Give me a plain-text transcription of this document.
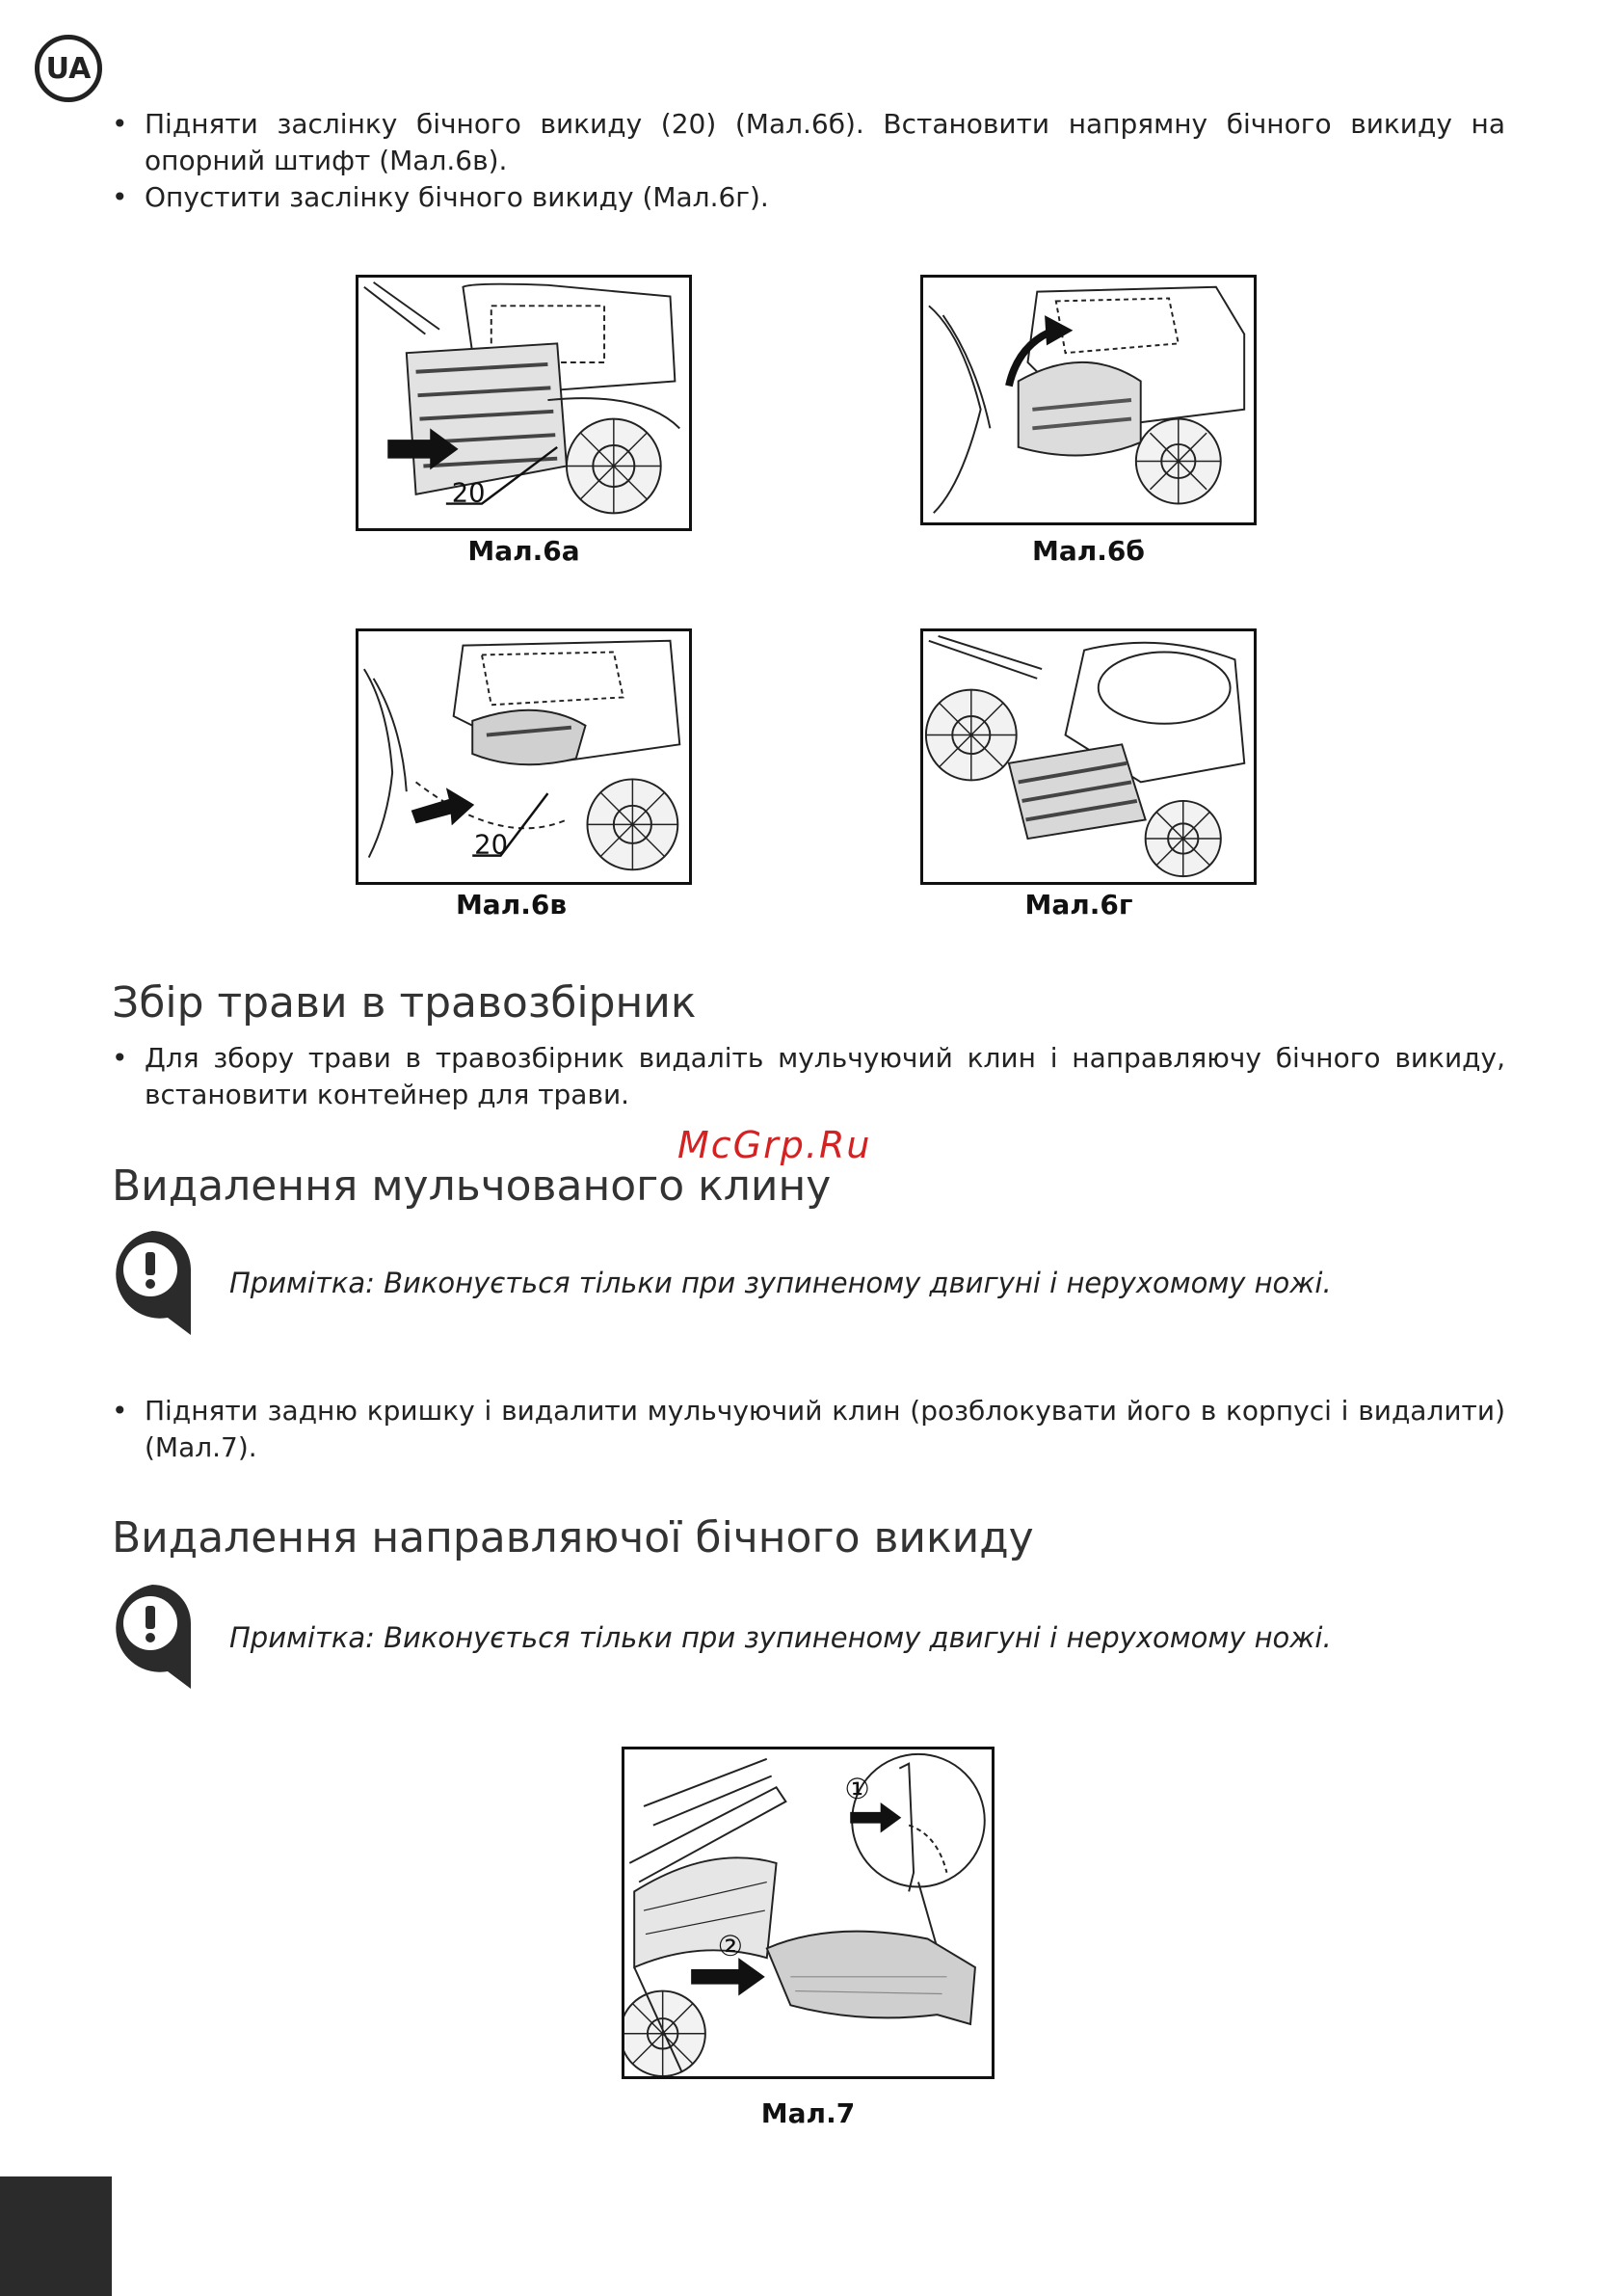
UA
• Підняти заслінку бічного викиду (20) (Мал.6б). Встановити напрямну бічного викиду на опорний штифт (Мал.6в).
• Опустити заслінку бічного викиду (Мал.6г).
20
Мал.6а	Мал.6б
20
Мал.6в	Мал.6г
Збір трави в травозбірник
• Для збору трави в травозбірник видаліть мульчуючий клин і направляючу бічного викиду, встановити контейнер для трави.
McGrp.Ru
Видалення мульчованого клину
Примітка: Виконується тільки при зупиненому двигуні і нерухомому ножі.
• Підняти задню кришку і видалити мульчуючий клин (розблокувати його в корпусі і видалити) (Мал.7).
Видалення направляючої бічного викиду
Примітка: Виконується тільки при зупиненому двигуні і нерухомому ножі.
②
①
Мал.7
